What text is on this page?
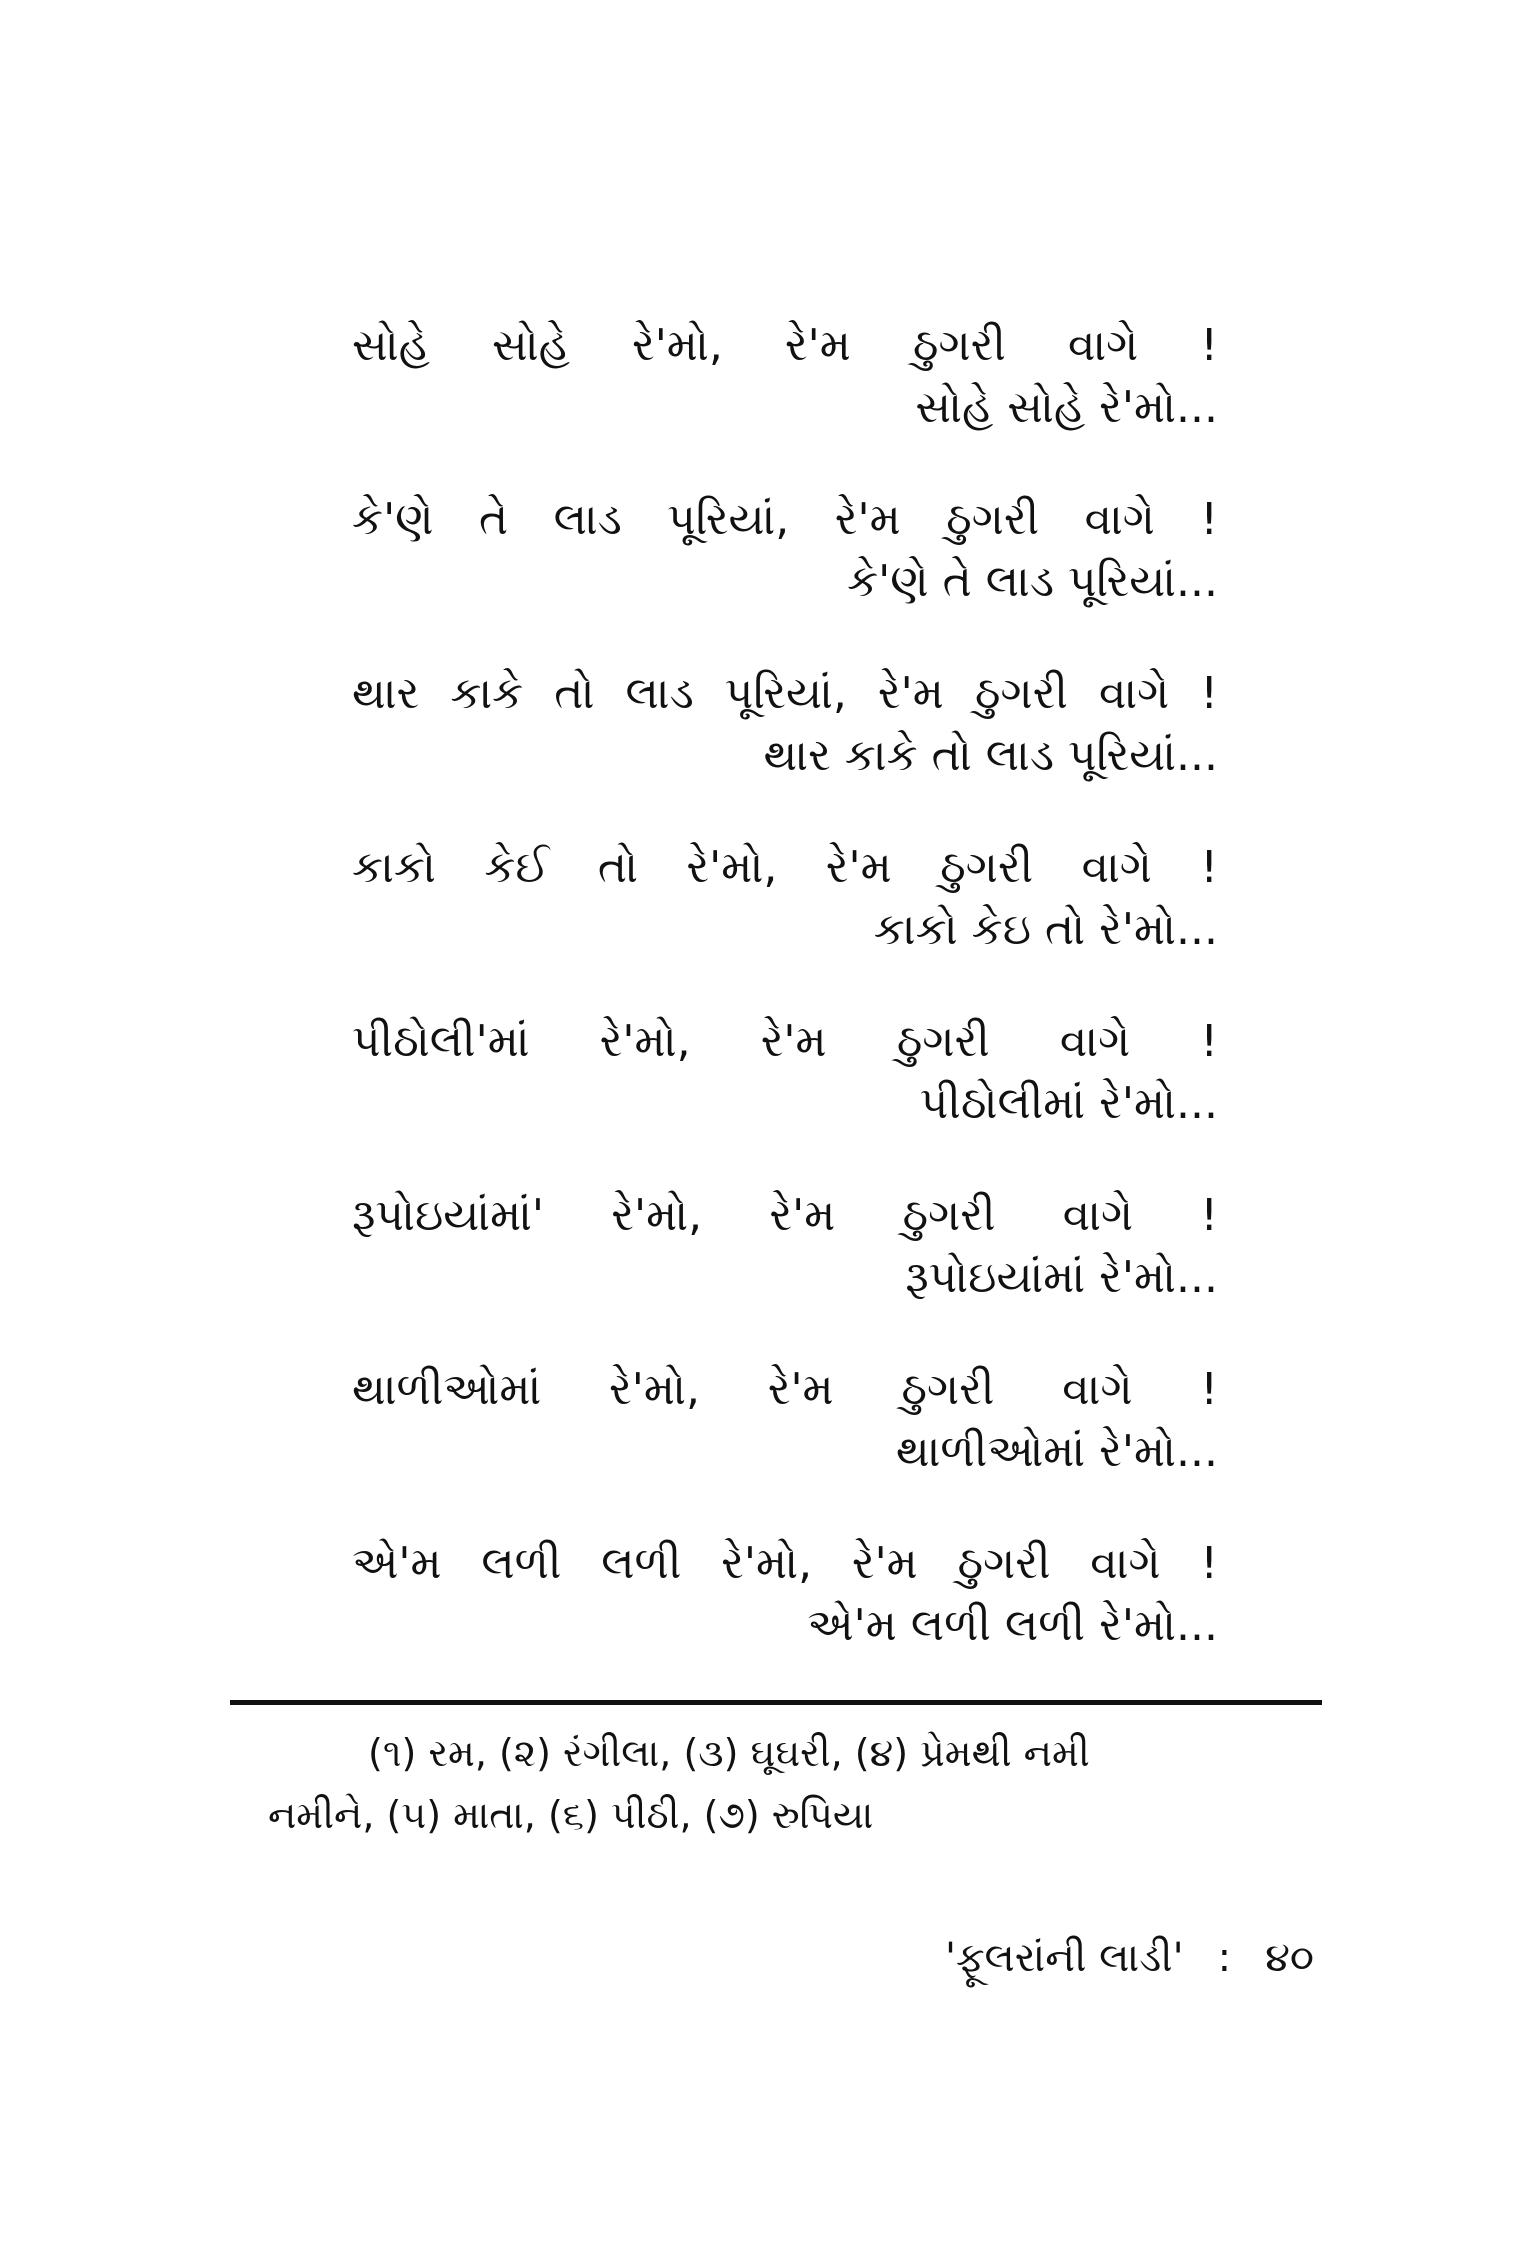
સોહે સોહે રે'મો, રે'મ ઠુગરી વાગે !
સોહે સોહે રે'મો...
કે'ણે તે લાડ પૂરિયાં, રે'મ ઠુગરી વાગે !
કે'ણે તે લાડ પૂરિયાં...
થાર કાકે તો લાડ પૂરિયાં, રે'મ ઠુગરી વાગે !
થાર કાકે તો લાડ પૂરિયાં...
કાકો કેઈ તો રે'મો, રે'મ ઠુગરી વાગે !
કાકો કેઇ તો રે'મો...
પીઠોલી'માં રે'મો, રે'મ ઠુગરી વાગે !
પીઠોલીમાં રે'મો...
રૂપોઇયાંમાં' રે'મો, રે'મ ઠુગરી વાગે !
રૂપોઇયાંમાં રે'મો...
થાળીઓમાં રે'મો, રે'મ ઠુગરી વાગે !
થાળીઓમાં રે'મો...
એ'મ લળી લળી રે'મો, રે'મ ઠુગરી વાગે !
એ'મ લળી લળી રે'મો...
(૧) રમ, (૨) રંગીલા, (૩) ઘૂઘરી, (૪) પ્રેમથી નમી
નમીને, (૫) માતા, (૬) પીઠી, (૭) રુપિયા
'ફૂલરાંની લાડી' : ૪૦
